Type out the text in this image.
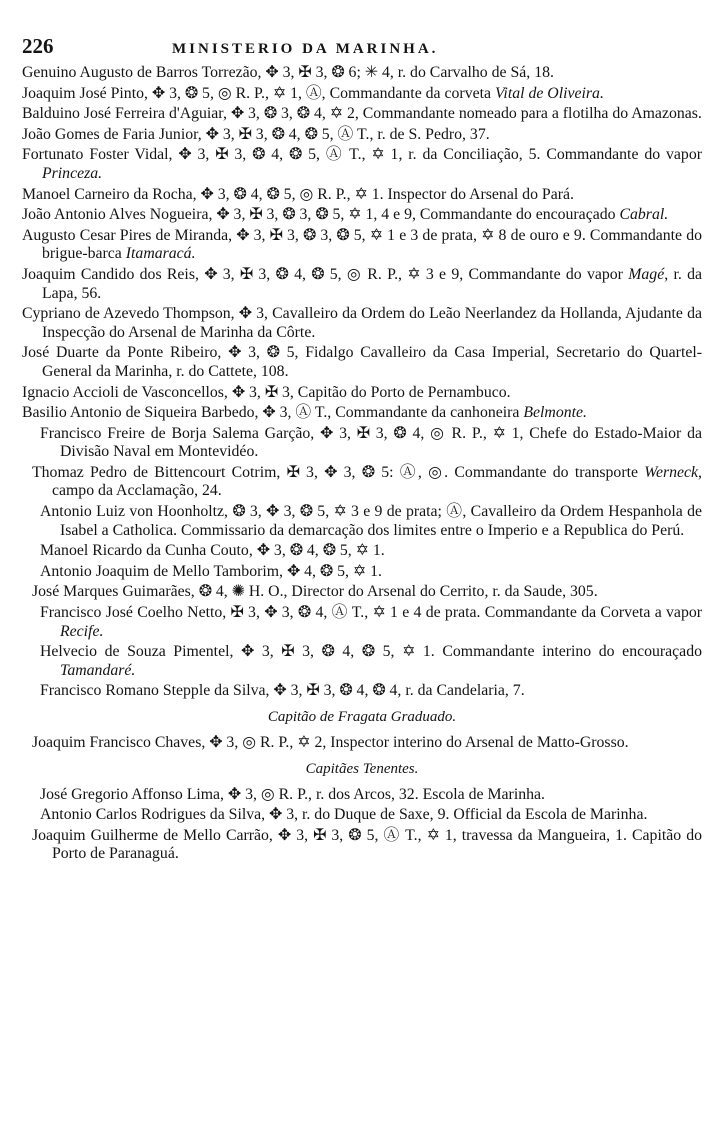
226	MINISTERIO DA MARINHA.

Genuino Augusto de Barros Torrezão, ✥ 3, ✠ 3, ❂ 6; ✳ 4, r. do Carvalho de Sá, 18.

Joaquim José Pinto, ✥ 3, ❂ 5, ◎ R. P., ✡ 1, Ⓐ, Commandante da corveta Vital de Oliveira.

Balduino José Ferreira d'Aguiar, ✥ 3, ❂ 3, ❂ 4, ✡ 2, Commandante nomeado para a flotilha do Amazonas.

João Gomes de Faria Junior, ✥ 3, ✠ 3, ❂ 4, ❂ 5, Ⓐ T., r. de S. Pedro, 37.

Fortunato Foster Vidal, ✥ 3, ✠ 3, ❂ 4, ❂ 5, Ⓐ T., ✡ 1, r. da Conciliação, 5. Commandante do vapor Princeza.

Manoel Carneiro da Rocha, ✥ 3, ❂ 4, ❂ 5, ◎ R. P., ✡ 1. Inspector do Arsenal do Pará.

João Antonio Alves Nogueira, ✥ 3, ✠ 3, ❂ 3, ❂ 5, ✡ 1, 4 e 9, Commandante do encouraçado Cabral.

Augusto Cesar Pires de Miranda, ✥ 3, ✠ 3, ❂ 3, ❂ 5, ✡ 1 e 3 de prata, ✡ 8 de ouro e 9. Commandante do brigue-barca Itamaracá.

Joaquim Candido dos Reis, ✥ 3, ✠ 3, ❂ 4, ❂ 5, ◎ R. P., ✡ 3 e 9, Commandante do vapor Magé, r. da Lapa, 56.

Cypriano de Azevedo Thompson, ✥ 3, Cavalleiro da Ordem do Leão Neerlandez da Hollanda, Ajudante da Inspecção do Arsenal de Marinha da Côrte.

José Duarte da Ponte Ribeiro, ✥ 3, ❂ 5, Fidalgo Cavalleiro da Casa Imperial, Secretario do Quartel-General da Marinha, r. do Cattete, 108.

Ignacio Accioli de Vasconcellos, ✥ 3, ✠ 3, Capitão do Porto de Pernambuco.

Basilio Antonio de Siqueira Barbedo, ✥ 3, Ⓐ T., Commandante da canhoneira Belmonte.

Francisco Freire de Borja Salema Garção, ✥ 3, ✠ 3, ❂ 4, ◎ R. P., ✡ 1, Chefe do Estado-Maior da Divisão Naval em Montevidéo.

Thomaz Pedro de Bittencourt Cotrim, ✠ 3, ✥ 3, ❂ 5: Ⓐ, ◎. Commandante do transporte Werneck, campo da Acclamação, 24.

Antonio Luiz von Hoonholtz, ❂ 3, ✥ 3, ❂ 5, ✡ 3 e 9 de prata; Ⓐ, Cavalleiro da Ordem Hespanhola de Isabel a Catholica. Commissario da demarcação dos limites entre o Imperio e a Republica do Perú.

Manoel Ricardo da Cunha Couto, ✥ 3, ❂ 4, ❂ 5, ✡ 1.

Antonio Joaquim de Mello Tamborim, ✥ 4, ❂ 5, ✡ 1.

José Marques Guimarães, ❂ 4, ✺ H. O., Director do Arsenal do Cerrito, r. da Saude, 305.

Francisco José Coelho Netto, ✠ 3, ✥ 3, ❂ 4, Ⓐ T., ✡ 1 e 4 de prata. Commandante da Corveta a vapor Recife.

Helvecio de Souza Pimentel, ✥ 3, ✠ 3, ❂ 4, ❂ 5, ✡ 1. Commandante interino do encouraçado Tamandaré.

Francisco Romano Stepple da Silva, ✥ 3, ✠ 3, ❂ 4, ❂ 4, r. da Candelaria, 7.

Capitão de Fragata Graduado.

Joaquim Francisco Chaves, ✥ 3, ◎ R. P., ✡ 2, Inspector interino do Arsenal de Matto-Grosso.

Capitães Tenentes.

José Gregorio Affonso Lima, ✥ 3, ◎ R. P., r. dos Arcos, 32. Escola de Marinha.

Antonio Carlos Rodrigues da Silva, ✥ 3, r. do Duque de Saxe, 9. Official da Escola de Marinha.

Joaquim Guilherme de Mello Carrão, ✥ 3, ✠ 3, ❂ 5, Ⓐ T., ✡ 1, travessa da Mangueira, 1. Capitão do Porto de Paranaguá.
